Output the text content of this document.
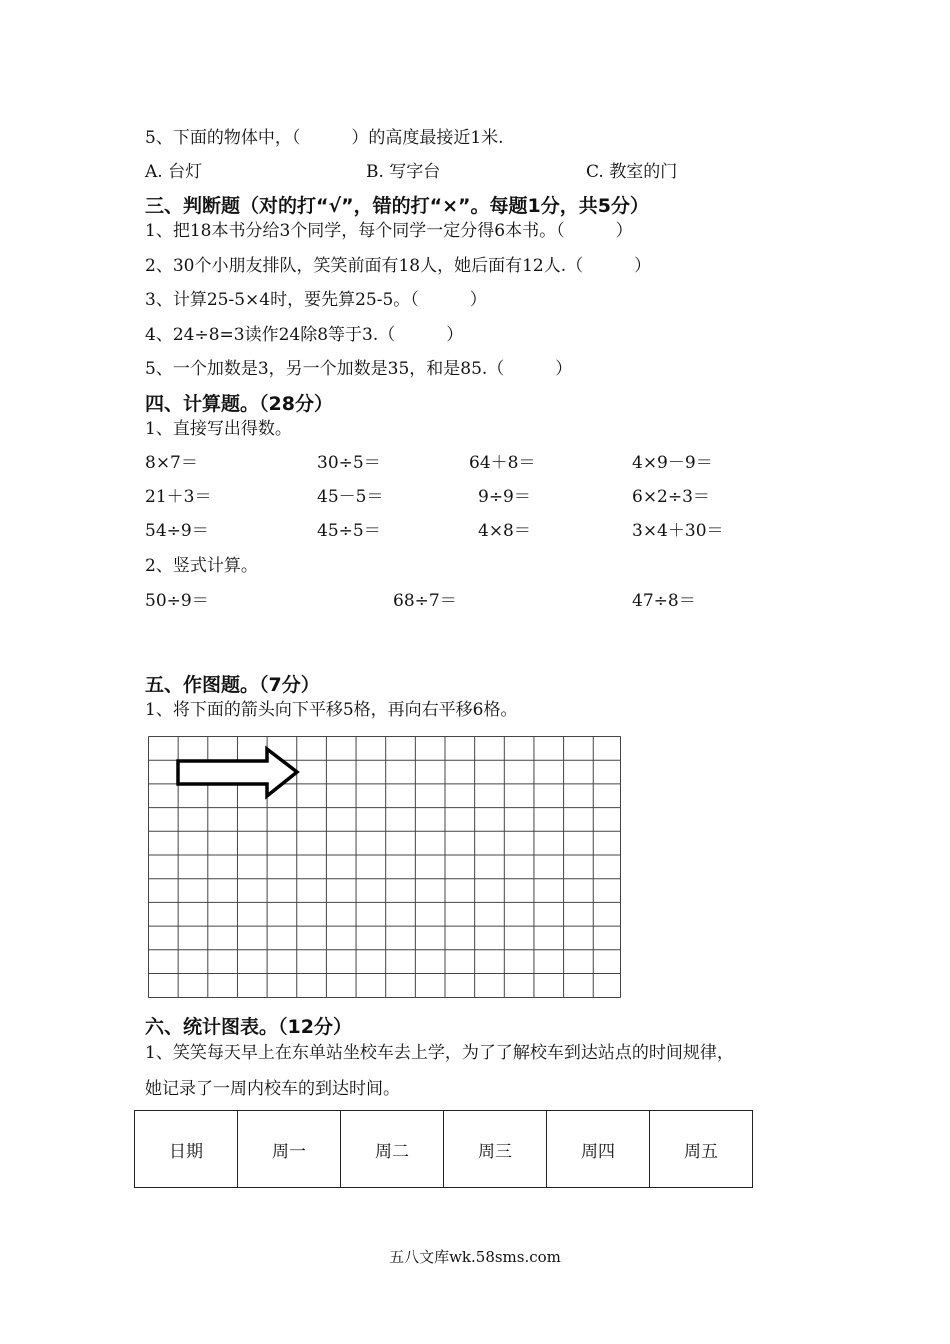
5、下面的物体中，（　　　）的高度最接近1米.
A. 台灯	B. 写字台	C. 教室的门
三、判断题（对的打“√”，错的打“×”。每题1分，共5分）
1、把18本书分给3个同学，每个同学一定分得6本书。（　　　）
2、30个小朋友排队，笑笑前面有18人，她后面有12人.（　　　）
3、计算25-5×4时，要先算25-5。（　　　）
4、24÷8=3读作24除8等于3.（　　　）
5、一个加数是3，另一个加数是35，和是85.（　　　）
四、计算题。（28分）
1、直接写出得数。
8×7＝	30÷5＝	64＋8＝	4×9－9＝
21＋3＝	45－5＝	9÷9＝	6×2÷3＝
54÷9＝	45÷5＝	4×8＝	3×4＋30＝
2、竖式计算。
50÷9＝	68÷7＝	47÷8＝
五、作图题。（7分）
1、将下面的箭头向下平移5格，再向右平移6格。
六、统计图表。（12分）
1、笑笑每天早上在东单站坐校车去上学，为了了解校车到达站点的时间规律，
她记录了一周内校车的到达时间。
日期	周一	周二	周三	周四	周五
五八文库wk.58sms.com
